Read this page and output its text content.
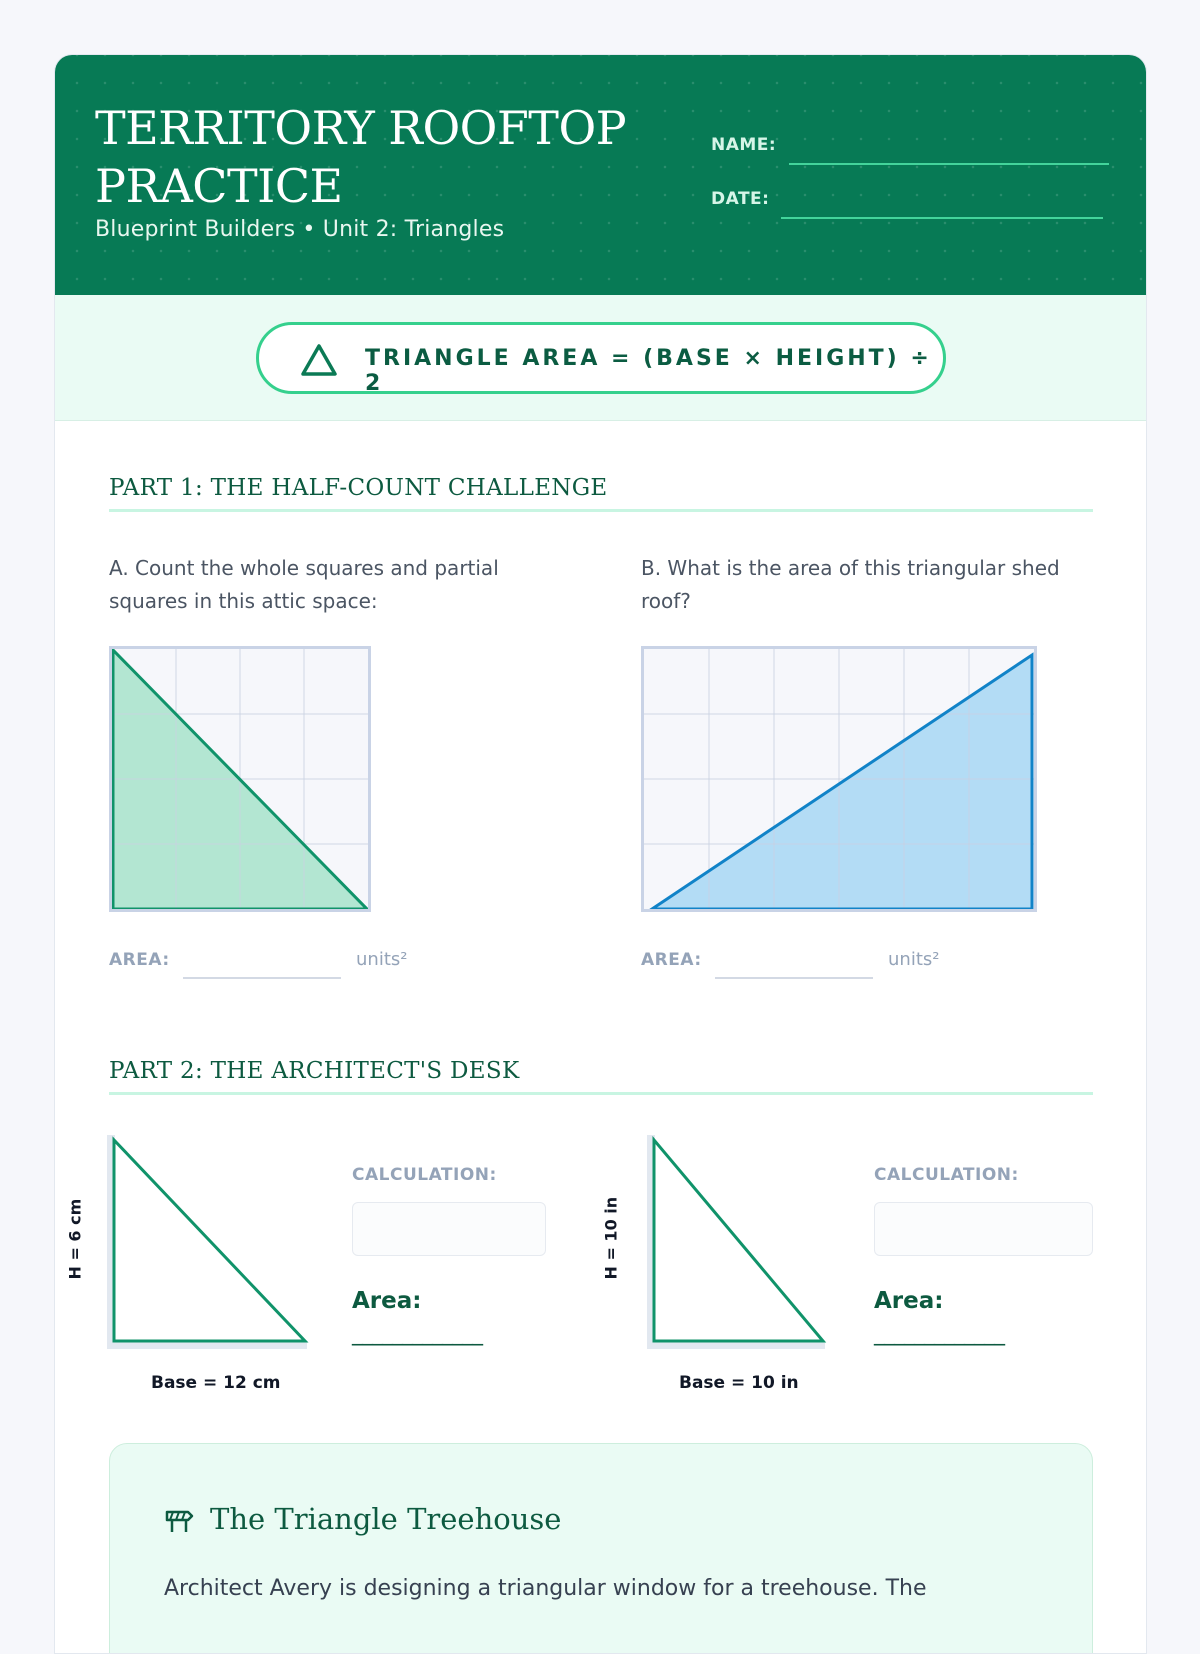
TERRITORY ROOFTOP PRACTICE
Blueprint Builders • Unit 2: Triangles
NAME:
DATE:
TRIANGLE AREA = (BASE × HEIGHT) ÷ 2
PART 1: THE HALF-COUNT CHALLENGE
A. Count the whole squares and partial squares in this attic space:
B. What is the area of this triangular shed roof?
AREA:	units²	AREA:	units²
PART 2: THE ARCHITECT'S DESK
H = 6 cm
Base = 12 cm
CALCULATION:
Area:
_____________
H = 10 in
Base = 10 in
CALCULATION:
Area:
_____________
The Triangle Treehouse
Architect Avery is designing a triangular window for a treehouse. The
